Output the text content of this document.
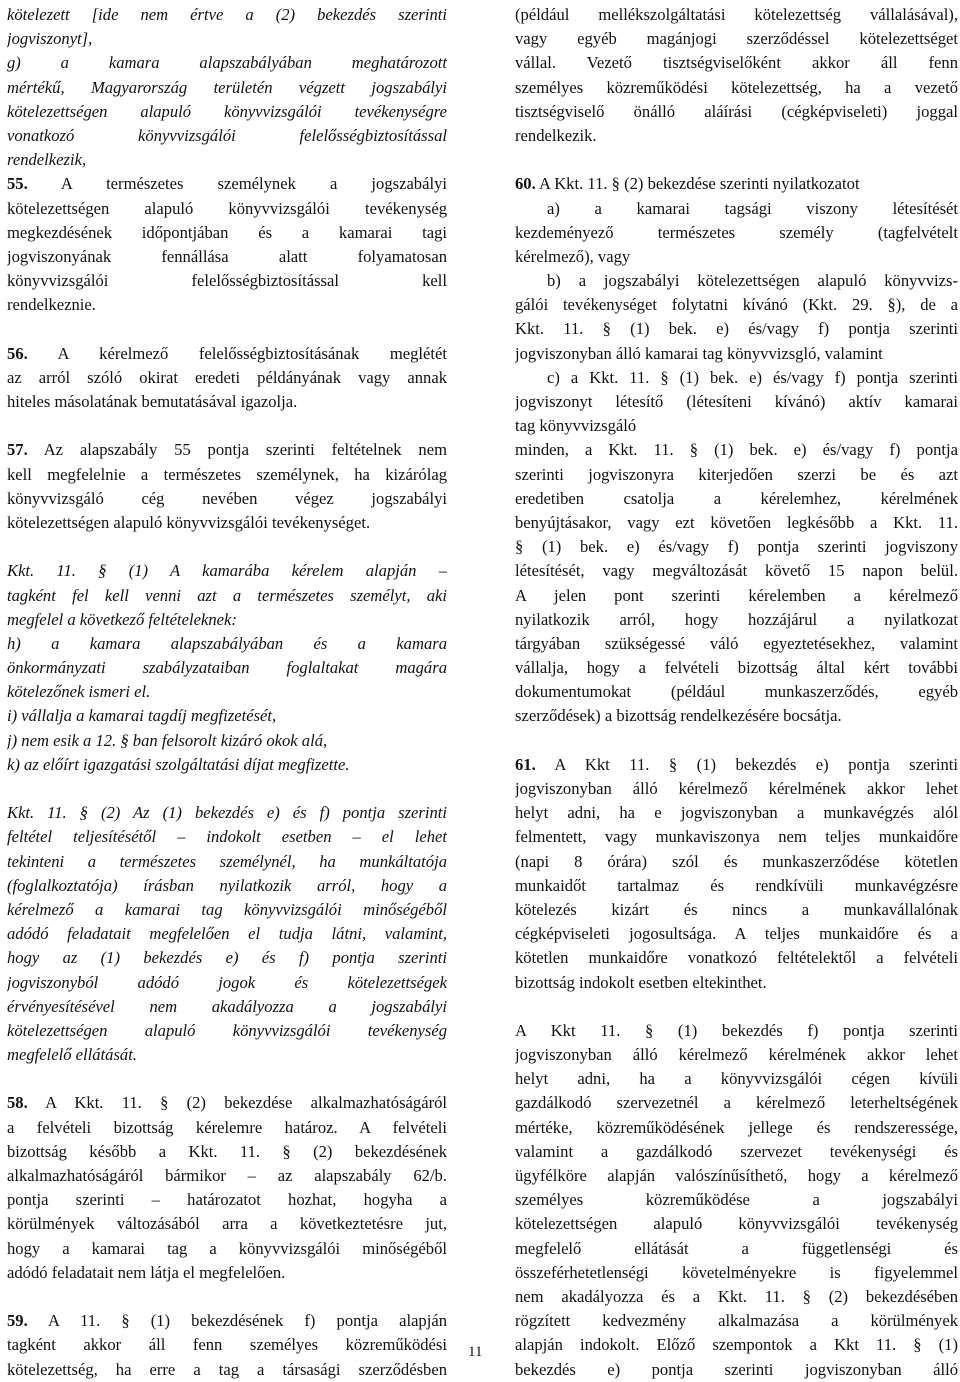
kötelezett [ide nem értve a (2) bekezdés szerinti
jogviszonyt],
g) a kamara alapszabályában meghatározott
mértékű, Magyarország területén végzett jogszabályi
kötelezettségen alapuló könyvvizsgálói tevékenységre
vonatkozó könyvvizsgálói felelősségbiztosítással
rendelkezik,
55. A természetes személynek a jogszabályi
kötelezettségen alapuló könyvvizsgálói tevékenység
megkezdésének időpontjában és a kamarai tagi
jogviszonyának fennállása alatt folyamatosan
könyvvizsgálói felelősségbiztosítással kell
rendelkeznie.
56. A kérelmező felelősségbiztosításának meglétét
az arról szóló okirat eredeti példányának vagy annak
hiteles másolatának bemutatásával igazolja.
57. Az alapszabály 55 pontja szerinti feltételnek nem
kell megfelelnie a természetes személynek, ha kizárólag
könyvvizsgáló cég nevében végez jogszabályi
kötelezettségen alapuló könyvvizsgálói tevékenységet.
Kkt. 11. § (1) A kamarába kérelem alapján –
tagként fel kell venni azt a természetes személyt, aki
megfelel a következő feltételeknek:
h) a kamara alapszabályában és a kamara
önkormányzati szabályzataiban foglaltakat magára
kötelezőnek ismeri el.
i) vállalja a kamarai tagdíj megfizetését,
j) nem esik a 12. § ban felsorolt kizáró okok alá,
k) az előírt igazgatási szolgáltatási díjat megfizette.
Kkt. 11. § (2) Az (1) bekezdés e) és f) pontja szerinti
feltétel teljesítésétől – indokolt esetben – el lehet
tekinteni a természetes személynél, ha munkáltatója
(foglalkoztatója) írásban nyilatkozik arról, hogy a
kérelmező a kamarai tag könyvvizsgálói minőségéből
adódó feladatait megfelelően el tudja látni, valamint,
hogy az (1) bekezdés e) és f) pontja szerinti
jogviszonyból adódó jogok és kötelezettségek
érvényesítésével nem akadályozza a jogszabályi
kötelezettségen alapuló könyvvizsgálói tevékenység
megfelelő ellátását.
58. A Kkt. 11. § (2) bekezdése alkalmazhatóságáról
a felvételi bizottság kérelemre határoz. A felvételi
bizottság később a Kkt. 11. § (2) bekezdésének
alkalmazhatóságáról bármikor – az alapszabály 62/b.
pontja szerinti – határozatot hozhat, hogyha a
körülmények változásából arra a következtetésre jut,
hogy a kamarai tag a könyvvizsgálói minőségéből
adódó feladatait nem látja el megfelelően.
59. A 11. § (1) bekezdésének f) pontja alapján
tagként akkor áll fenn személyes közreműködési
kötelezettség, ha erre a tag a társasági szerződésben
(például mellékszolgáltatási kötelezettség vállalásával),
vagy egyéb magánjogi szerződéssel kötelezettséget
vállal. Vezető tisztségviselőként akkor áll fenn
személyes közreműködési kötelezettség, ha a vezető
tisztségviselő önálló aláírási (cégképviseleti) joggal
rendelkezik.
60. A Kkt. 11. § (2) bekezdése szerinti nyilatkozatot
a) a kamarai tagsági viszony létesítését
kezdeményező természetes személy (tagfelvételt
kérelmező), vagy
b) a jogszabályi kötelezettségen alapuló könyvvizs-
gálói tevékenységet folytatni kívánó (Kkt. 29. §), de a
Kkt. 11. § (1) bek. e) és/vagy f) pontja szerinti
jogviszonyban álló kamarai tag könyvvizsgló, valamint
c) a Kkt. 11. § (1) bek. e) és/vagy f) pontja szerinti
jogviszonyt létesítő (létesíteni kívánó) aktív kamarai
tag könyvvizsgáló
minden, a Kkt. 11. § (1) bek. e) és/vagy f) pontja
szerinti jogviszonyra kiterjedően szerzi be és azt
eredetiben csatolja a kérelemhez, kérelmének
benyújtásakor, vagy ezt követően legkésőbb a Kkt. 11.
§ (1) bek. e) és/vagy f) pontja szerinti jogviszony
létesítését, vagy megváltozását követő 15 napon belül.
A jelen pont szerinti kérelemben a kérelmező
nyilatkozik arról, hogy hozzájárul a nyilatkozat
tárgyában szükségessé váló egyeztetésekhez, valamint
vállalja, hogy a felvételi bizottság által kért további
dokumentumokat (például munkaszerződés, egyéb
szerződések) a bizottság rendelkezésére bocsátja.
61. A Kkt 11. § (1) bekezdés e) pontja szerinti
jogviszonyban álló kérelmező kérelmének akkor lehet
helyt adni, ha e jogviszonyban a munkavégzés alól
felmentett, vagy munkaviszonya nem teljes munkaidőre
(napi 8 órára) szól és munkaszerződése kötetlen
munkaidőt tartalmaz és rendkívüli munkavégzésre
kötelezés kizárt és nincs a munkavállalónak
cégképviseleti jogosultsága. A teljes munkaidőre és a
kötetlen munkaidőre vonatkozó feltételektől a felvételi
bizottság indokolt esetben eltekinthet.
A Kkt 11. § (1) bekezdés f) pontja szerinti
jogviszonyban álló kérelmező kérelmének akkor lehet
helyt adni, ha a könyvvizsgálói cégen kívüli
gazdálkodó szervezetnél a kérelmező leterheltségének
mértéke, közreműködésének jellege és rendszeressége,
valamint a gazdálkodó szervezet tevékenységi és
ügyfélköre alapján valószínűsíthető, hogy a kérelmező
személyes közreműködése a jogszabályi
kötelezettségen alapuló könyvvizsgálói tevékenység
megfelelő ellátását a függetlenségi és
összeférhetetlenségi követelményekre is figyelemmel
nem akadályozza és a Kkt. 11. § (2) bekezdésében
rögzített kedvezmény alkalmazása a körülmények
alapján indokolt. Előző szempontok a Kkt 11. § (1)
bekezdés e) pontja szerinti jogviszonyban álló
11
